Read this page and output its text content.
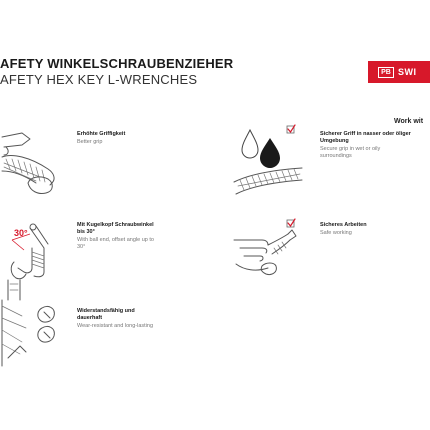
AFETY WINKELSCHRAUBENZIEHER
AFETY HEX KEY L-WRENCHES	PB SWI
Work wit
Erhöhte Griffigkeit
Better grip
Sicherer Griff in nasser oder öliger Umgebung
Secure grip in wet or oily surroundings
30°
Mit Kugelkopf Schraubwinkel bis 30°
With ball end, offset angle up to 30°
Sicheres Arbeiten
Safe working
Widerstandsfähig und dauerhaft
Wear-resistant and long-lasting
